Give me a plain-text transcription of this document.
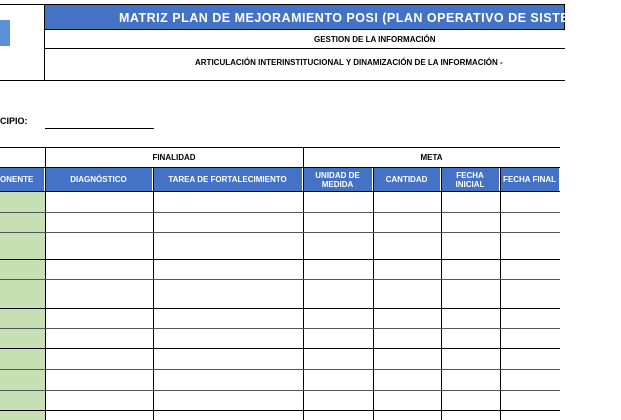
MATRIZ PLAN DE MEJORAMIENTO POSI (PLAN OPERATIVO DE SISTEMAS DE
GESTION DE LA INFORMACIÓN
ARTICULACIÓN INTERINSTITUCIONAL Y DINAMIZACIÓN DE LA INFORMACIÓN -
CIPIO:
FINALIDAD	META
ONENTE	DIAGNÓSTICO	TAREA DE FORTALECIMIENTO	UNIDAD DE MEDIDA	CANTIDAD	FECHA INICIAL	FECHA FINAL
